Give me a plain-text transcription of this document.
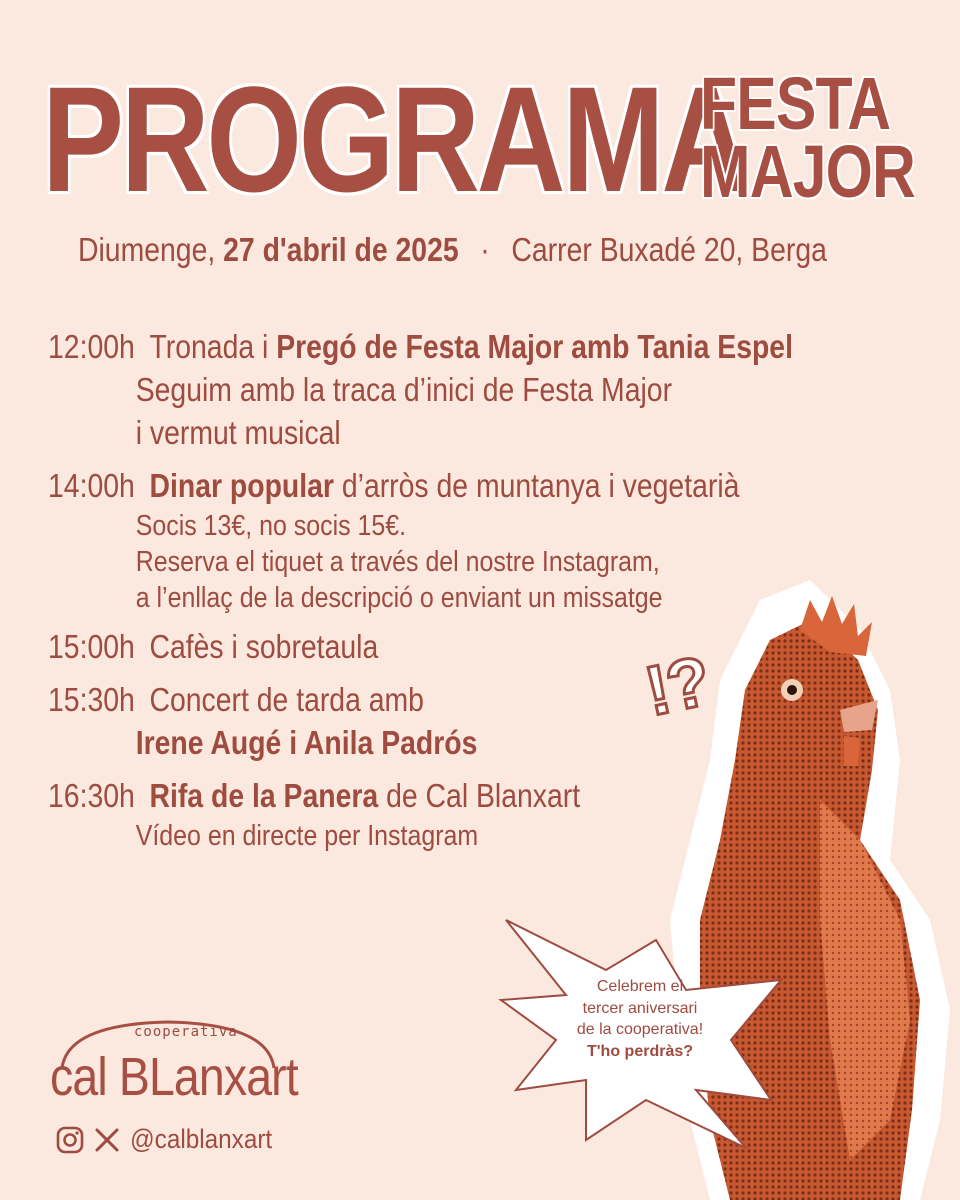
PROGRAMA
FESTA
MAJOR
Diumenge, 27 d'abril de 2025 · Carrer Buxadé 20, Berga
12:00h Tronada i Pregó de Festa Major amb Tania Espel
Seguim amb la traca d’inici de Festa Major
i vermut musical
14:00h Dinar popular d’arròs de muntanya i vegetarià
Socis 13€, no socis 15€.
Reserva el tiquet a través del nostre Instagram,
a l’enllaç de la descripció o enviant un missatge
15:00h Cafès i sobretaula
15:30h Concert de tarda amb
Irene Augé i Anila Padrós
16:30h Rifa de la Panera de Cal Blanxart
Vídeo en directe per Instagram
!?
Celebrem el
tercer aniversari
de la cooperativa!
T'ho perdràs?
cooperativa
cal BLanxart
@calblanxart
